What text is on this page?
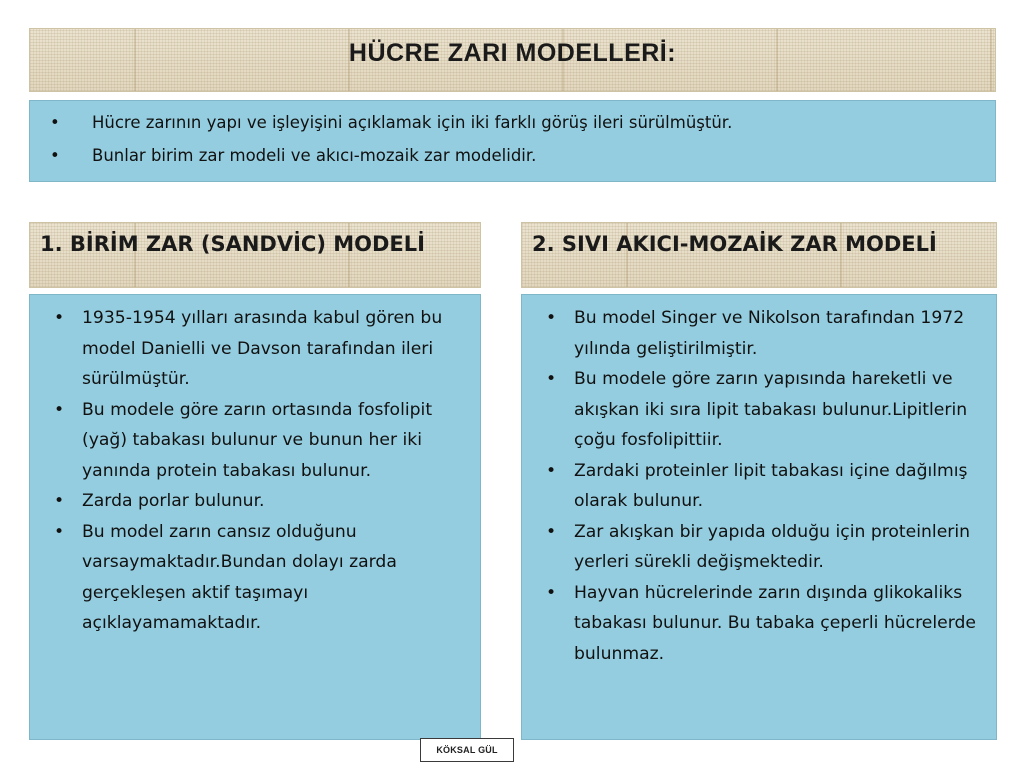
HÜCRE ZARI MODELLERİ:
• Hücre zarının yapı ve işleyişini açıklamak için iki farklı görüş ileri sürülmüştür.
• Bunlar birim zar modeli ve akıcı-mozaik zar modelidir.
1. BİRİM ZAR (SANDVİC) MODELİ	2. SIVI AKICI-MOZAİK ZAR MODELİ
• 1935-1954 yılları arasında kabul gören bu model Danielli ve Davson tarafından ileri sürülmüştür.
• Bu modele göre zarın ortasında fosfolipit (yağ) tabakası bulunur ve bunun her iki yanında protein tabakası bulunur.
• Zarda porlar bulunur.
• Bu model zarın cansız olduğunu varsaymaktadır.Bundan dolayı zarda gerçekleşen aktif taşımayı açıklayamamaktadır.
• Bu model Singer ve Nikolson tarafından 1972 yılında geliştirilmiştir.
• Bu modele göre zarın yapısında hareketli ve akışkan iki sıra lipit tabakası bulunur.Lipitlerin çoğu fosfolipittiir.
• Zardaki proteinler lipit tabakası içine dağılmış olarak bulunur.
• Zar akışkan bir yapıda olduğu için proteinlerin yerleri sürekli değişmektedir.
• Hayvan hücrelerinde zarın dışında glikokaliks tabakası bulunur. Bu tabaka çeperli hücrelerde bulunmaz.
KÖKSAL GÜL
